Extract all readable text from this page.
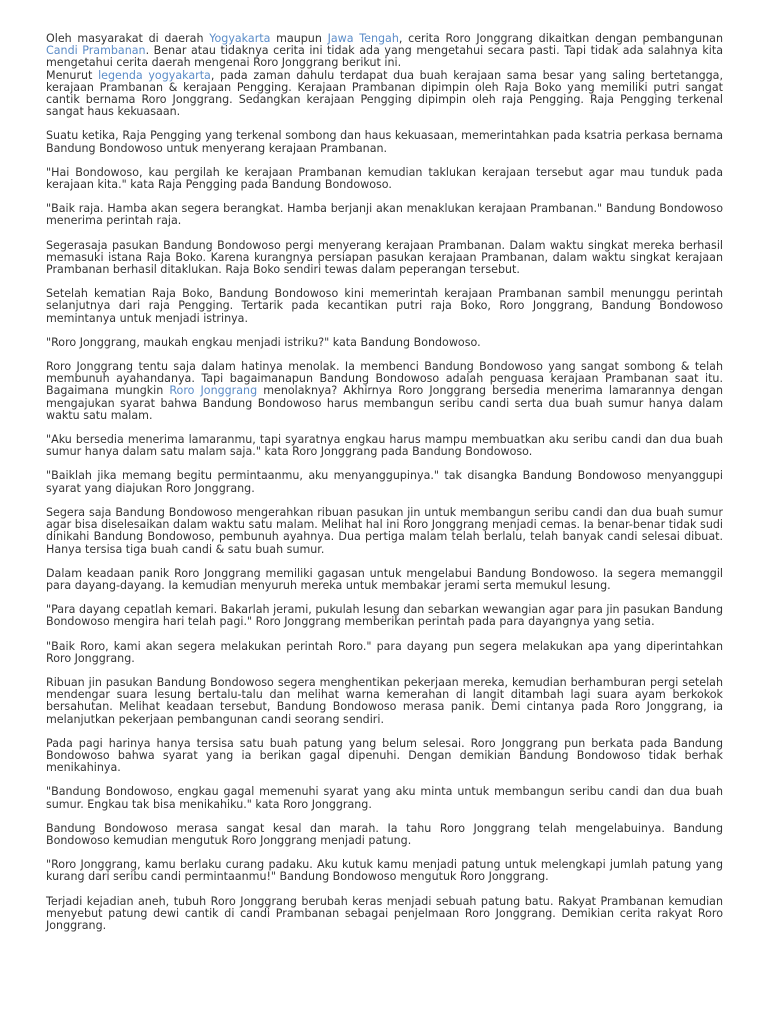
Oleh masyarakat di daerah Yogyakarta maupun Jawa Tengah, cerita Roro Jonggrang dikaitkan dengan pembangunan Candi Prambanan. Benar atau tidaknya cerita ini tidak ada yang mengetahui secara pasti. Tapi tidak ada salahnya kita mengetahui cerita daerah mengenai Roro Jonggrang berikut ini.

Menurut legenda yogyakarta, pada zaman dahulu terdapat dua buah kerajaan sama besar yang saling bertetangga, kerajaan Prambanan & kerajaan Pengging. Kerajaan Prambanan dipimpin oleh Raja Boko yang memiliki putri sangat cantik bernama Roro Jonggrang. Sedangkan kerajaan Pengging dipimpin oleh raja Pengging. Raja Pengging terkenal sangat haus kekuasaan.

Suatu ketika, Raja Pengging yang terkenal sombong dan haus kekuasaan, memerintahkan pada ksatria perkasa bernama Bandung Bondowoso untuk menyerang kerajaan Prambanan.

"Hai Bondowoso, kau pergilah ke kerajaan Prambanan kemudian taklukan kerajaan tersebut agar mau tunduk pada kerajaan kita." kata Raja Pengging pada Bandung Bondowoso.

"Baik raja. Hamba akan segera berangkat. Hamba berjanji akan menaklukan kerajaan Prambanan." Bandung Bondowoso menerima perintah raja.

Segerasaja pasukan Bandung Bondowoso pergi menyerang kerajaan Prambanan. Dalam waktu singkat mereka berhasil memasuki istana Raja Boko. Karena kurangnya persiapan pasukan kerajaan Prambanan, dalam waktu singkat kerajaan Prambanan berhasil ditaklukan. Raja Boko sendiri tewas dalam peperangan tersebut.

Setelah kematian Raja Boko, Bandung Bondowoso kini memerintah kerajaan Prambanan sambil menunggu perintah selanjutnya dari raja Pengging. Tertarik pada kecantikan putri raja Boko, Roro Jonggrang, Bandung Bondowoso memintanya untuk menjadi istrinya.

"Roro Jonggrang, maukah engkau menjadi istriku?" kata Bandung Bondowoso.

Roro Jonggrang tentu saja dalam hatinya menolak. Ia membenci Bandung Bondowoso yang sangat sombong & telah membunuh ayahandanya. Tapi bagaimanapun Bandung Bondowoso adalah penguasa kerajaan Prambanan saat itu. Bagaimana mungkin Roro Jonggrang menolaknya? Akhirnya Roro Jonggrang bersedia menerima lamarannya dengan mengajukan syarat bahwa Bandung Bondowoso harus membangun seribu candi serta dua buah sumur hanya dalam waktu satu malam.

"Aku bersedia menerima lamaranmu, tapi syaratnya engkau harus mampu membuatkan aku seribu candi dan dua buah sumur hanya dalam satu malam saja." kata Roro Jonggrang pada Bandung Bondowoso.

"Baiklah jika memang begitu permintaanmu, aku menyanggupinya." tak disangka Bandung Bondowoso menyanggupi syarat yang diajukan Roro Jonggrang.

Segera saja Bandung Bondowoso mengerahkan ribuan pasukan jin untuk membangun seribu candi dan dua buah sumur agar bisa diselesaikan dalam waktu satu malam. Melihat hal ini Roro Jonggrang menjadi cemas. Ia benar-benar tidak sudi dinikahi Bandung Bondowoso, pembunuh ayahnya. Dua pertiga malam telah berlalu, telah banyak candi selesai dibuat. Hanya tersisa tiga buah candi & satu buah sumur.

Dalam keadaan panik Roro Jonggrang memiliki gagasan untuk mengelabui Bandung Bondowoso. Ia segera memanggil para dayang-dayang. Ia kemudian menyuruh mereka untuk membakar jerami serta memukul lesung.

"Para dayang cepatlah kemari. Bakarlah jerami, pukulah lesung dan sebarkan wewangian agar para jin pasukan Bandung Bondowoso mengira hari telah pagi." Roro Jonggrang memberikan perintah pada para dayangnya yang setia.

"Baik Roro, kami akan segera melakukan perintah Roro." para dayang pun segera melakukan apa yang diperintahkan Roro Jonggrang.

Ribuan jin pasukan Bandung Bondowoso segera menghentikan pekerjaan mereka, kemudian berhamburan pergi setelah mendengar suara lesung bertalu-talu dan melihat warna kemerahan di langit ditambah lagi suara ayam berkokok bersahutan. Melihat keadaan tersebut, Bandung Bondowoso merasa panik. Demi cintanya pada Roro Jonggrang, ia melanjutkan pekerjaan pembangunan candi seorang sendiri.

Pada pagi harinya hanya tersisa satu buah patung yang belum selesai. Roro Jonggrang pun berkata pada Bandung Bondowoso bahwa syarat yang ia berikan gagal dipenuhi. Dengan demikian Bandung Bondowoso tidak berhak menikahinya.

"Bandung Bondowoso, engkau gagal memenuhi syarat yang aku minta untuk membangun seribu candi dan dua buah sumur. Engkau tak bisa menikahiku." kata Roro Jonggrang.

Bandung Bondowoso merasa sangat kesal dan marah. Ia tahu Roro Jonggrang telah mengelabuinya. Bandung Bondowoso kemudian mengutuk Roro Jonggrang menjadi patung.

"Roro Jonggrang, kamu berlaku curang padaku. Aku kutuk kamu menjadi patung untuk melengkapi jumlah patung yang kurang dari seribu candi permintaanmu!" Bandung Bondowoso mengutuk Roro Jonggrang.

Terjadi kejadian aneh, tubuh Roro Jonggrang berubah keras menjadi sebuah patung batu. Rakyat Prambanan kemudian menyebut patung dewi cantik di candi Prambanan sebagai penjelmaan Roro Jonggrang. Demikian cerita rakyat Roro Jonggrang.
